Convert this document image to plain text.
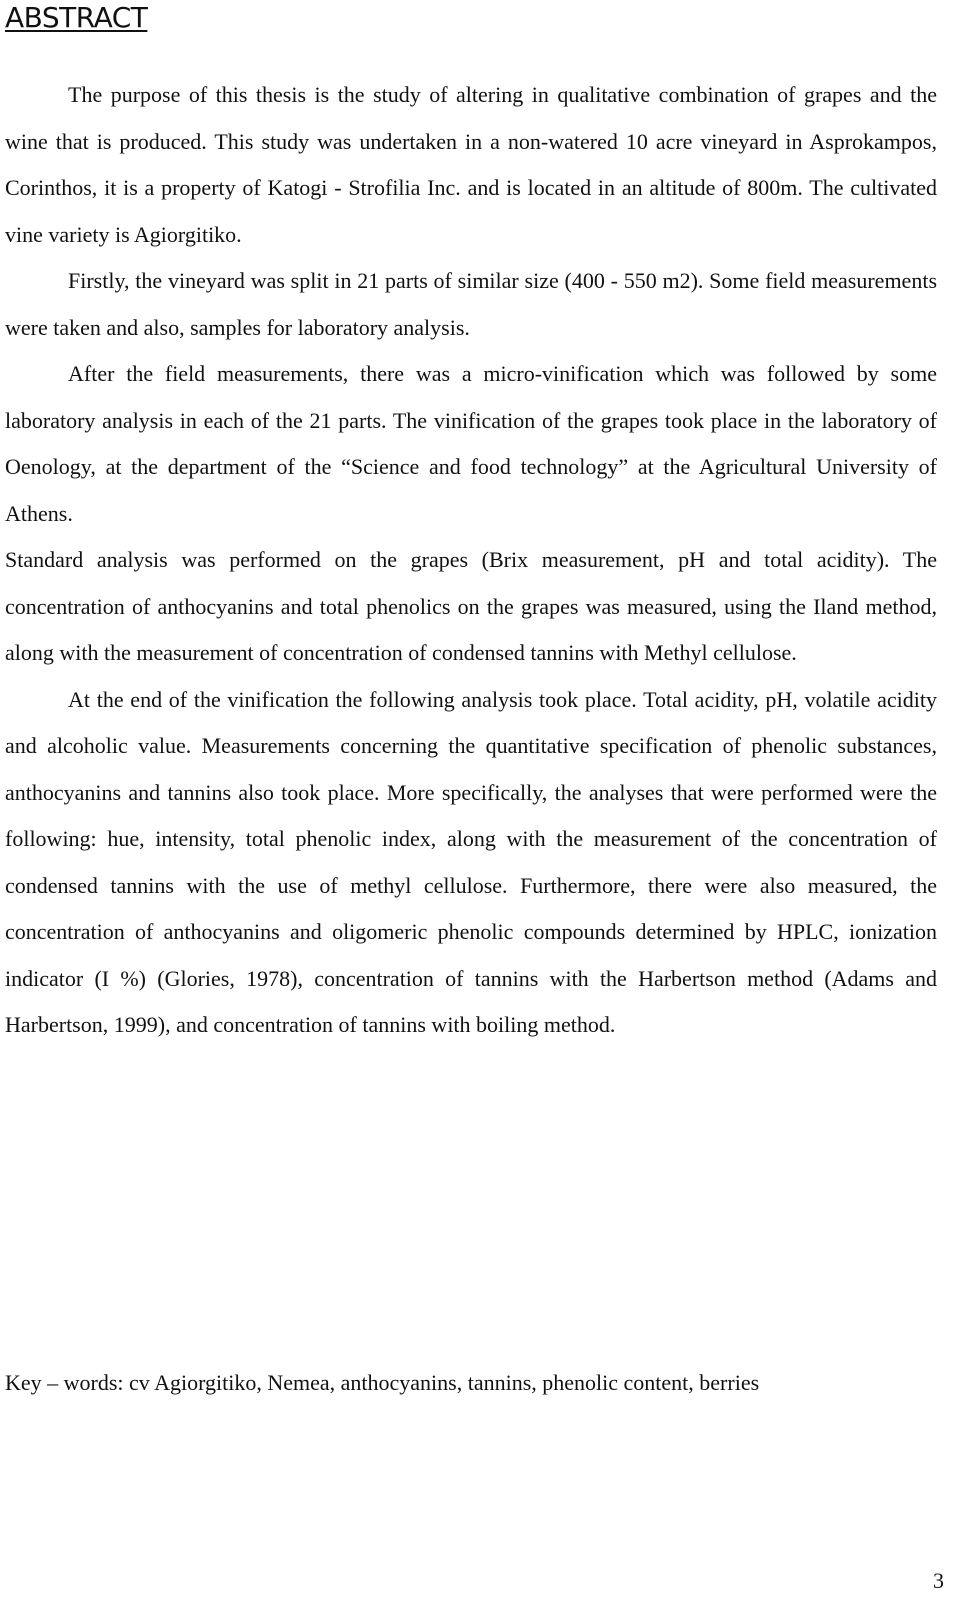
ABSTRACT

The purpose of this thesis is the study of altering in qualitative combination of grapes and the wine that is produced. This study was undertaken in a non-watered 10 acre vineyard in Asprokampos, Corinthos, it is a property of Katogi - Strofilia Inc. and is located in an altitude of 800m. The cultivated vine variety is Agiorgitiko.

Firstly, the vineyard was split in 21 parts of similar size (400 - 550 m2). Some field measurements were taken and also, samples for laboratory analysis.

After the field measurements, there was a micro-vinification which was followed by some laboratory analysis in each of the 21 parts. The vinification of the grapes took place in the laboratory of Oenology, at the department of the “Science and food technology” at the Agricultural University of Athens.

Standard analysis was performed on the grapes (Brix measurement, pH and total acidity). The concentration of anthocyanins and total phenolics on the grapes was measured, using the Iland method, along with the measurement of concentration of condensed tannins with Methyl cellulose.

At the end of the vinification the following analysis took place. Total acidity, pH, volatile acidity and alcoholic value. Measurements concerning the quantitative specification of phenolic substances, anthocyanins and tannins also took place. More specifically, the analyses that were performed were the following: hue, intensity, total phenolic index, along with the measurement of the concentration of condensed tannins with the use of methyl cellulose. Furthermore, there were also measured, the concentration of anthocyanins and oligomeric phenolic compounds determined by HPLC, ionization indicator (I %) (Glories, 1978), concentration of tannins with the Harbertson method (Adams and Harbertson, 1999), and concentration of tannins with boiling method.

Key – words: cv Agiorgitiko, Nemea, anthocyanins, tannins, phenolic content, berries
3
